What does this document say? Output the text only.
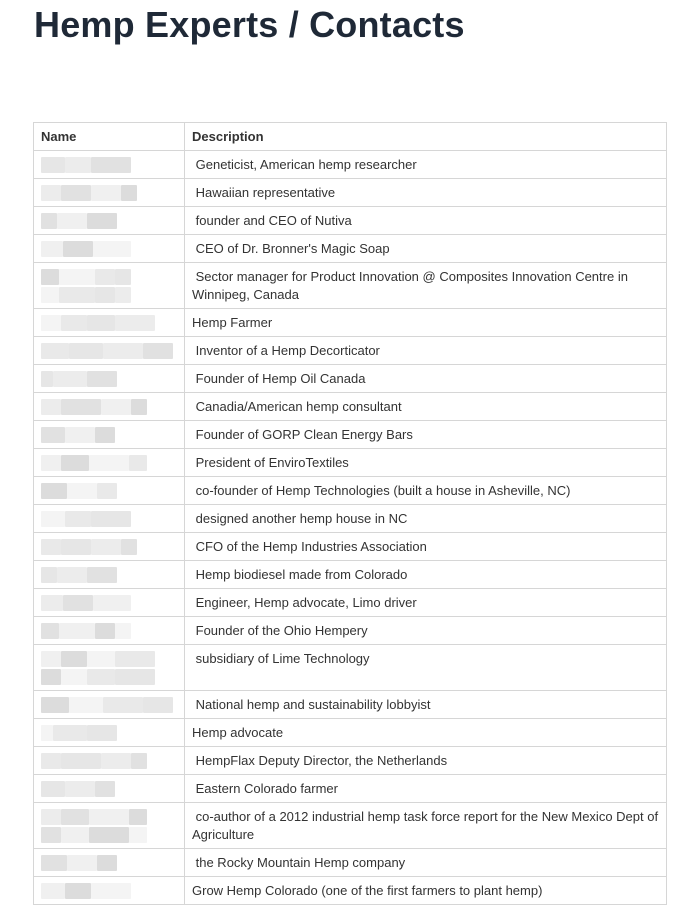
Hemp Experts / Contacts
Name	Description

	Geneticist, American hemp researcher

	Hawaiian representative

	founder and CEO of Nutiva

	CEO of Dr. Bronner's Magic Soap

	Sector manager for Product Innovation @ Composites Innovation Centre in Winnipeg, Canada

	Hemp Farmer

	Inventor of a Hemp Decorticator

	Founder of Hemp Oil Canada

	Canadia/American hemp consultant

	Founder of GORP Clean Energy Bars

	President of EnviroTextiles

	co-founder of Hemp Technologies (built a house in Asheville, NC)

	designed another hemp house in NC

	CFO of the Hemp Industries Association

	Hemp biodiesel made from Colorado

	Engineer, Hemp advocate, Limo driver

	Founder of the Ohio Hempery

	subsidiary of Lime Technology

	National hemp and sustainability lobbyist

	Hemp advocate

	HempFlax Deputy Director, the Netherlands

	Eastern Colorado farmer

	co-author of a 2012 industrial hemp task force report for the New Mexico Dept of Agriculture

	the Rocky Mountain Hemp company

	Grow Hemp Colorado (one of the first farmers to plant hemp)
